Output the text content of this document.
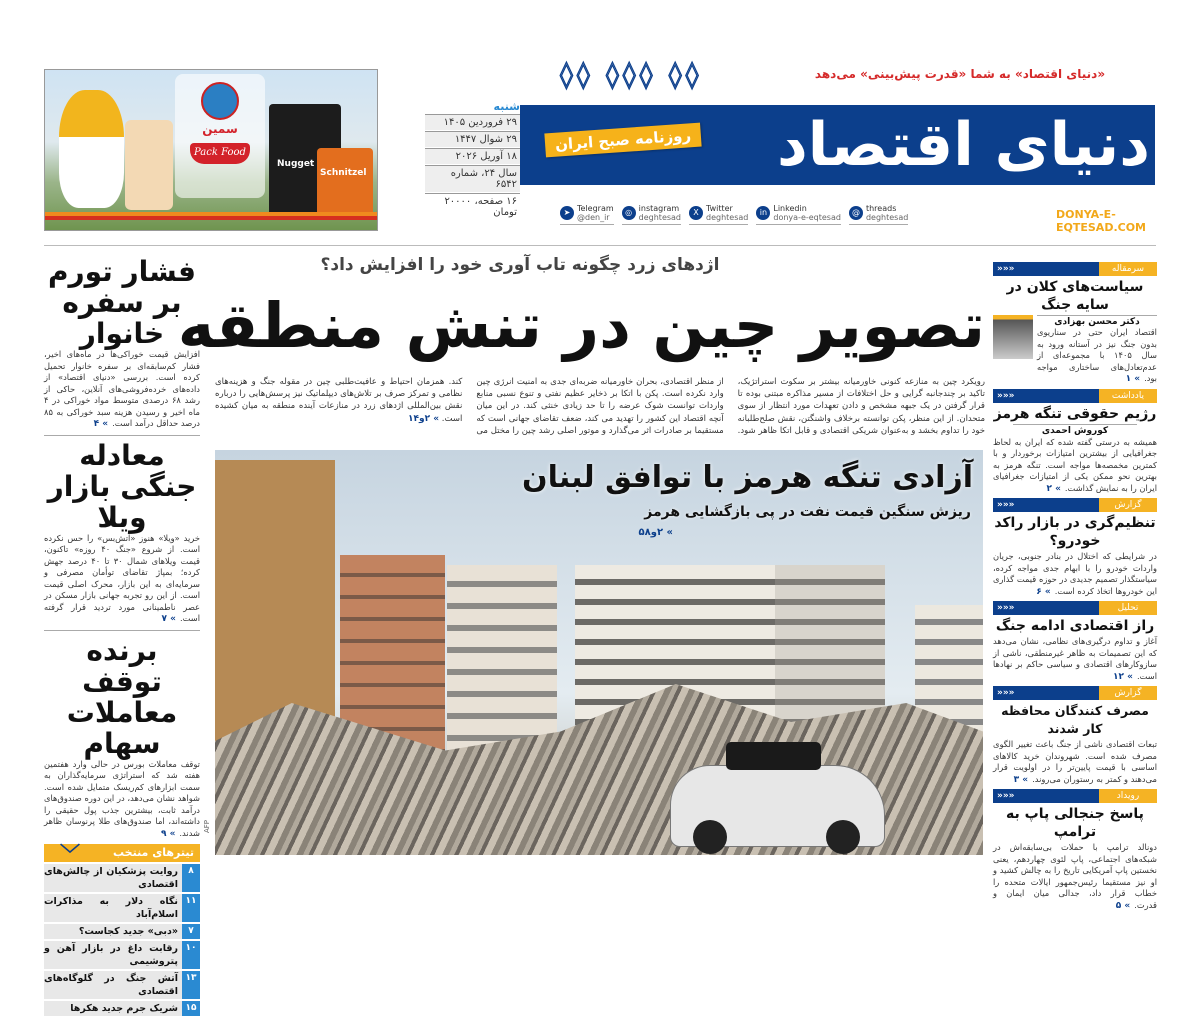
سمین
Pack Food
Nugget
Schnitzel
شنبه
۲۹ فروردین ۱۴۰۵
۲۹ شوال ۱۴۴۷
۱۸ آوریل ۲۰۲۶
سال ۲۴، شماره ۶۵۴۲
۱۶ صفحه، ۲۰۰۰۰ تومان
◊◊ ◊◊◊ ◊◊
دنیای اقتصاد
«دنیای اقتصاد» به شما «قدرت پیش‌بینی» می‌دهد
روزنامه صبح ایران
➤ Telegram
@den_ir
◎ instagram
deghtesad
X Twitter
deghtesad
in Linkedin
donya-e-eqtesad
@ threads
deghtesad	DONYA-E-EQTESAD.COM
سرمقاله
«««
سیاست‌های کلان در سایه جنگ
دکتر محسن بهزادی
اقتصاد ایران حتی در سناریوی بدون جنگ نیز در آستانه ورود به سال ۱۴۰۵ با مجموعه‌ای از عدم‌تعادل‌های ساختاری مواجه بود.» ۱
یادداشت
«««
رژیم حقوقی تنگه هرمز
کوروش احمدی
همیشه به درستی گفته شده که ایران به لحاظ جغرافیایی از بیشترین امتیازات برخوردار و با کمترین مخمصه‌ها مواجه است. تنگه هرمز به بهترین نحو ممکن یکی از امتیازات جغرافیای ایران را به نمایش گذاشت.» ۲
گزارش
«««
تنظیم‌گری در بازار راکد خودرو؟
در شرایطی که اختلال در بنادر جنوبی، جریان واردات خودرو را با ابهام جدی مواجه کرده، سیاستگذار تصمیم جدیدی در حوزه قیمت گذاری این خودروها اتخاذ کرده است.» ۶
تحلیل
«««
راز اقتصادی ادامه جنگ
آغاز و تداوم درگیری‌های نظامی، نشان می‌دهد که این تصمیمات به ظاهر غیرمنطقی، ناشی از سازوکارهای اقتصادی و سیاسی حاکم بر نهادها است.» ۱۲
گزارش
«««
مصرف کنندگان محافظه کار شدند
تبعات اقتصادی ناشی از جنگ باعث تغییر الگوی مصرف شده است. شهروندان خرید کالاهای اساسی با قیمت پایین‌تر را در اولویت قرار می‌دهند و کمتر به رستوران می‌روند.» ۳
رویداد
«««
پاسخ جنجالی پاپ به ترامپ
دونالد ترامپ با حملات بی‌سابقه‌اش در شبکه‌های اجتماعی، پاپ لئوی چهاردهم، یعنی نخستین پاپ آمریکایی تاریخ را به چالش کشید و او نیز مستقیما رئیس‌جمهور ایالات متحده را خطاب قرار داد، جدالی میان ایمان و قدرت.» ۵
فشار تورم بر سفره خانوار
افزایش قیمت خوراکی‌ها در ماه‌های اخیر، فشار کم‌سابقه‌ای بر سفره خانوار تحمیل کرده است. بررسی «دنیای اقتصاد» از داده‌های خرده‌فروشی‌های آنلاین، حاکی از رشد ۶۸ درصدی متوسط مواد خوراکی در ۴ ماه اخیر و رسیدن هزینه سبد خوراکی به ۸۵ درصد حداقل درآمد است.» ۴
معادله جنگی بازار ویلا
خرید «ویلا» هنوز «آتش‌بس» را حس نکرده است. از شروع «جنگ ۴۰ روزه» تاکنون، قیمت ویلاهای شمال ۳۰ تا ۴۰ درصد جهش کرده؛ بمپاژ تقاضای توأمان مصرفی و سرمایه‌ای به این بازار، محرک اصلی قیمت است. از این رو تجربه جهانی بازار مسکن در عصر ناطمینانی مورد تردید قرار گرفته است.» ۷
برنده توقف معاملات سهام
توقف معاملات بورس در حالی وارد هفتمین هفته شد که استراتژی سرمایه‌گذاران به سمت ابزارهای کم‌ریسک متمایل شده است. شواهد نشان می‌دهد، در این دوره صندوق‌های درآمد ثابت، بیشترین جذب پول حقیقی را داشته‌اند، اما صندوق‌های طلا پرنوسان ظاهر شدند.» ۹
تیترهای منتخب
﹀
۸
روایت پزشکیان از چالش‌های اقتصادی
۱۱
نگاه دلار به مذاکرات اسلام‌آباد
۷
«دبی» جدید کجاست؟
۱۰
رقابت داغ در بازار آهن و پتروشیمی
۱۳
آتش جنگ در گلوگاه‌های اقتصادی
۱۵
شریک جرم جدید هکرها
اژدهای زرد چگونه تاب آوری خود را افزایش داد؟
تصویر چین در تنش منطقه
رویکرد چین به منازعه کنونی خاورمیانه بیشتر بر سکوت استراتژیک، تاکید بر چندجانبه گرایی و حل اختلافات از مسیر مذاکره مبتنی بوده تا قرار گرفتن در یک جبهه مشخص و دادن تعهدات مورد انتظار از سوی متحدان. از این منظر، پکن توانسته برخلاف واشنگتن، نقش صلح‌طلبانه خود را تداوم بخشد و به‌عنوان شریکی اقتصادی و قابل اتکا ظاهر شود. از منظر اقتصادی، بحران خاورمیانه ضربه‌ای جدی به امنیت انرژی چین وارد نکرده است. پکن با اتکا بر ذخایر عظیم نفتی و تنوع نسبی منابع واردات توانست شوک عرضه را تا حد زیادی خنثی کند. در این میان آنچه اقتصاد این کشور را تهدید می کند، ضعف تقاضای جهانی است که مستقیما بر صادرات اثر می‌گذارد و موتور اصلی رشد چین را مختل می کند. همزمان احتیاط و عافیت‌طلبی چین در مقوله جنگ و هزینه‌های نظامی و تمرکز صرف بر تلاش‌های دیپلماتیک نیز پرسش‌هایی را درباره نقش بین‌المللی اژدهای زرد در منازعات آینده منطقه به میان کشیده است. » ۲و۱۴
آزادی تنگه هرمز با توافق لبنان
ریزش سنگین قیمت نفت در پی بازگشایی هرمز
» ۲و۵۸
AFP
